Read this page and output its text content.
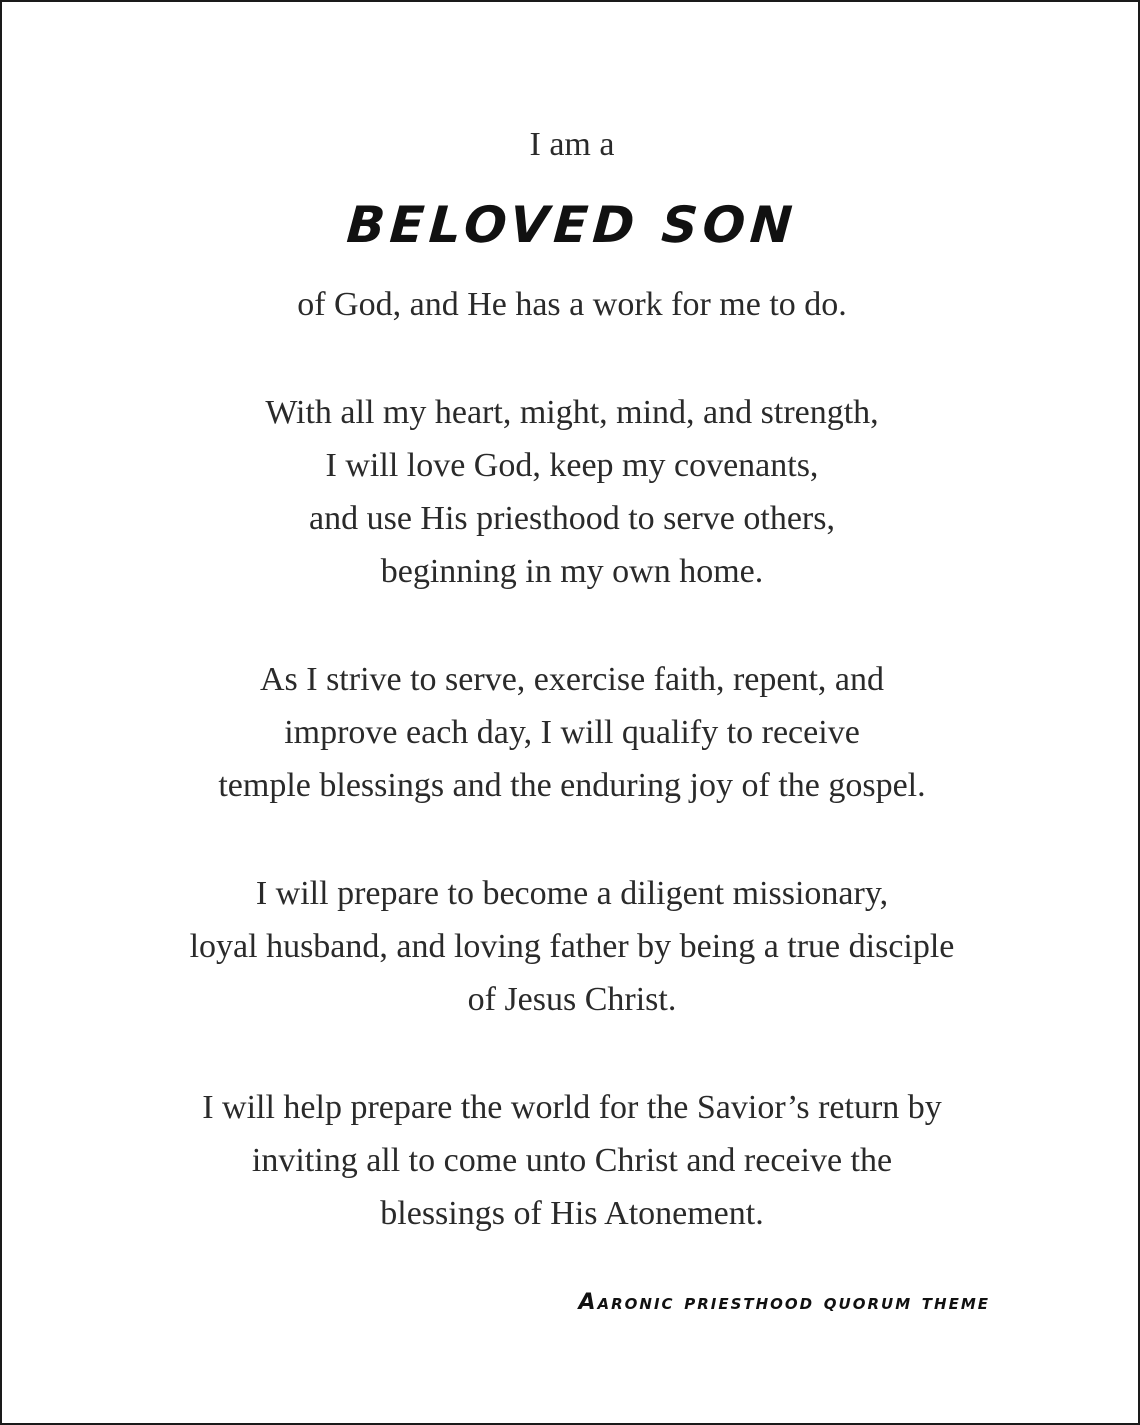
I am a
BELOVED SON
of God, and He has a work for me to do.
With all my heart, might, mind, and strength,
I will love God, keep my covenants,
and use His priesthood to serve others,
beginning in my own home.
As I strive to serve, exercise faith, repent, and
improve each day, I will qualify to receive
temple blessings and the enduring joy of the gospel.
I will prepare to become a diligent missionary,
loyal husband, and loving father by being a true disciple
of Jesus Christ.
I will help prepare the world for the Savior’s return by
inviting all to come unto Christ and receive the
blessings of His Atonement.
Aaronic priesthood quorum theme
